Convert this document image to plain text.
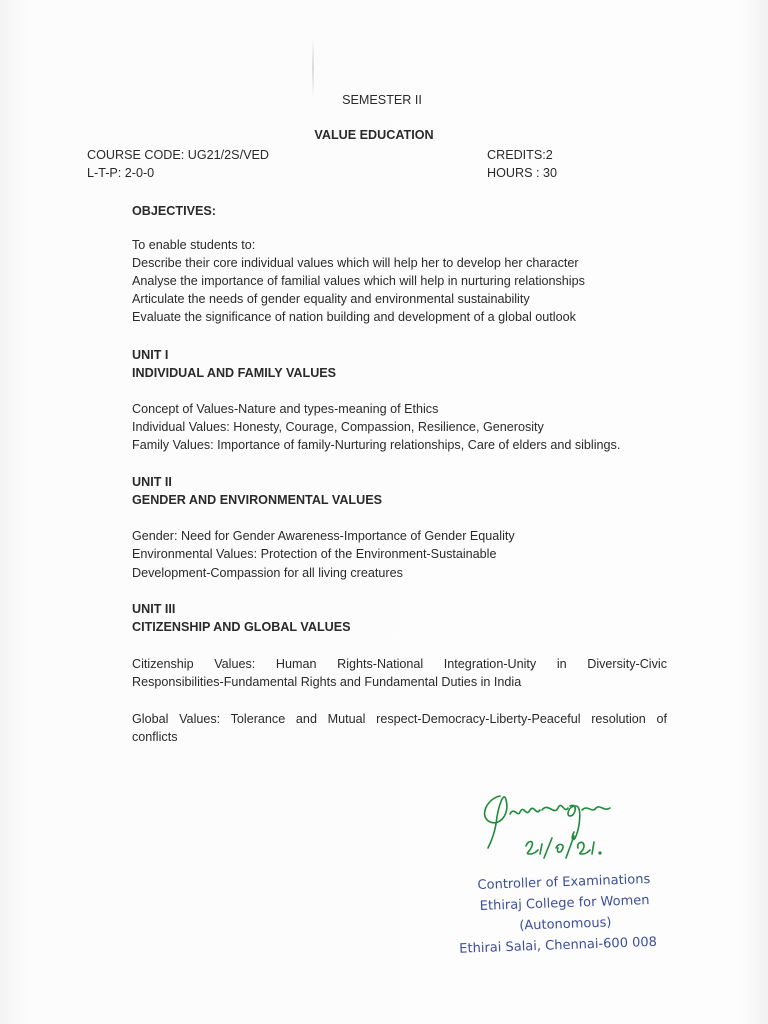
SEMESTER II
VALUE EDUCATION
COURSE CODE: UG21/2S/VED
L-T-P: 2-0-0
CREDITS:2
HOURS : 30
OBJECTIVES:
To enable students to:
Describe their core individual values which will help her to develop her character
Analyse the importance of familial values which will help in nurturing relationships
Articulate the needs of gender equality and environmental sustainability
Evaluate the significance of nation building and development of a global outlook
UNIT I
INDIVIDUAL AND FAMILY VALUES
Concept of Values-Nature and types-meaning of Ethics
Individual Values: Honesty, Courage, Compassion, Resilience, Generosity
Family Values: Importance of family-Nurturing relationships, Care of elders and siblings.
UNIT II
GENDER AND ENVIRONMENTAL VALUES
Gender: Need for Gender Awareness-Importance of Gender Equality
Environmental Values: Protection of the Environment-Sustainable
Development-Compassion for all living creatures
UNIT III
CITIZENSHIP AND GLOBAL VALUES
Citizenship Values: Human Rights-National Integration-Unity in Diversity-Civic
Responsibilities-Fundamental Rights and Fundamental Duties in India
Global Values: Tolerance and Mutual respect-Democracy-Liberty-Peaceful resolution of
conflicts
Controller of Examinations
Ethiraj College for Women
(Autonomous)
Ethirai Salai, Chennai-600 008
